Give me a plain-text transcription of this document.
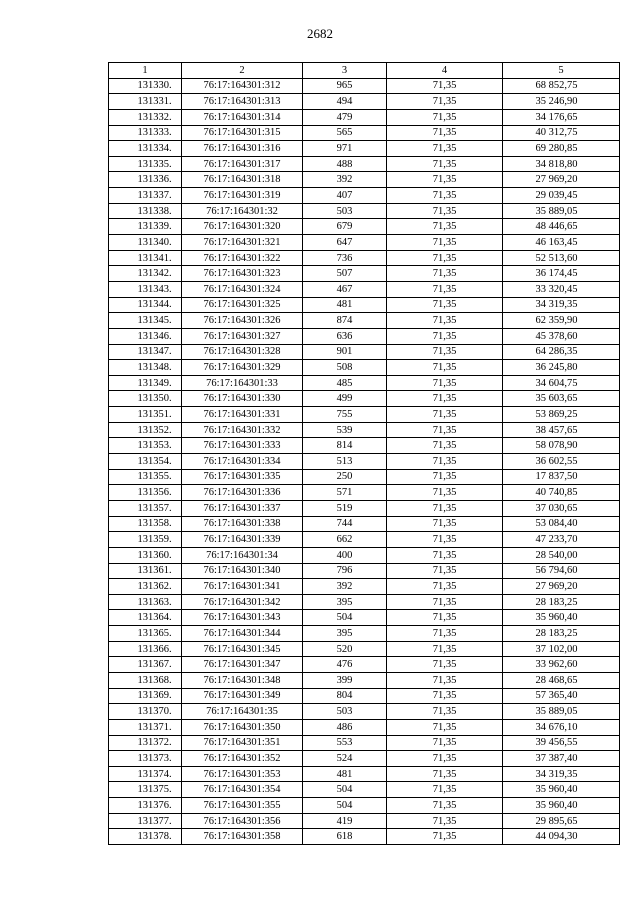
2682
1	2	3	4	5
131330.	76:17:164301:312	965	71,35	68 852,75
131331.	76:17:164301:313	494	71,35	35 246,90
131332.	76:17:164301:314	479	71,35	34 176,65
131333.	76:17:164301:315	565	71,35	40 312,75
131334.	76:17:164301:316	971	71,35	69 280,85
131335.	76:17:164301:317	488	71,35	34 818,80
131336.	76:17:164301:318	392	71,35	27 969,20
131337.	76:17:164301:319	407	71,35	29 039,45
131338.	76:17:164301:32	503	71,35	35 889,05
131339.	76:17:164301:320	679	71,35	48 446,65
131340.	76:17:164301:321	647	71,35	46 163,45
131341.	76:17:164301:322	736	71,35	52 513,60
131342.	76:17:164301:323	507	71,35	36 174,45
131343.	76:17:164301:324	467	71,35	33 320,45
131344.	76:17:164301:325	481	71,35	34 319,35
131345.	76:17:164301:326	874	71,35	62 359,90
131346.	76:17:164301:327	636	71,35	45 378,60
131347.	76:17:164301:328	901	71,35	64 286,35
131348.	76:17:164301:329	508	71,35	36 245,80
131349.	76:17:164301:33	485	71,35	34 604,75
131350.	76:17:164301:330	499	71,35	35 603,65
131351.	76:17:164301:331	755	71,35	53 869,25
131352.	76:17:164301:332	539	71,35	38 457,65
131353.	76:17:164301:333	814	71,35	58 078,90
131354.	76:17:164301:334	513	71,35	36 602,55
131355.	76:17:164301:335	250	71,35	17 837,50
131356.	76:17:164301:336	571	71,35	40 740,85
131357.	76:17:164301:337	519	71,35	37 030,65
131358.	76:17:164301:338	744	71,35	53 084,40
131359.	76:17:164301:339	662	71,35	47 233,70
131360.	76:17:164301:34	400	71,35	28 540,00
131361.	76:17:164301:340	796	71,35	56 794,60
131362.	76:17:164301:341	392	71,35	27 969,20
131363.	76:17:164301:342	395	71,35	28 183,25
131364.	76:17:164301:343	504	71,35	35 960,40
131365.	76:17:164301:344	395	71,35	28 183,25
131366.	76:17:164301:345	520	71,35	37 102,00
131367.	76:17:164301:347	476	71,35	33 962,60
131368.	76:17:164301:348	399	71,35	28 468,65
131369.	76:17:164301:349	804	71,35	57 365,40
131370.	76:17:164301:35	503	71,35	35 889,05
131371.	76:17:164301:350	486	71,35	34 676,10
131372.	76:17:164301:351	553	71,35	39 456,55
131373.	76:17:164301:352	524	71,35	37 387,40
131374.	76:17:164301:353	481	71,35	34 319,35
131375.	76:17:164301:354	504	71,35	35 960,40
131376.	76:17:164301:355	504	71,35	35 960,40
131377.	76:17:164301:356	419	71,35	29 895,65
131378.	76:17:164301:358	618	71,35	44 094,30
